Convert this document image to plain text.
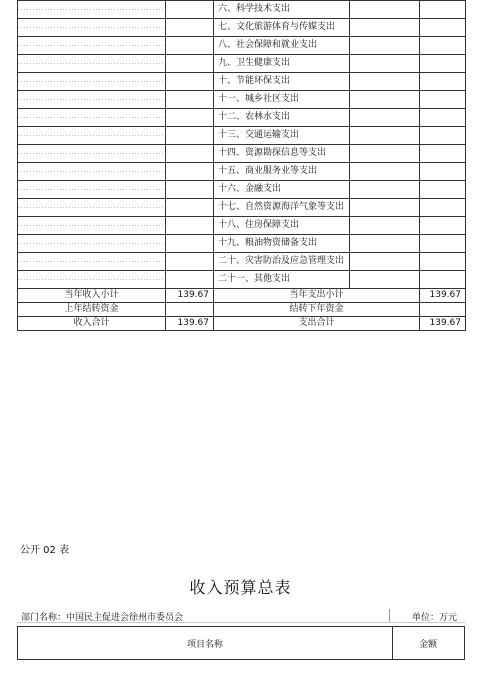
		六、科学技术支出		
		七、文化旅游体育与传媒支出		
		八、社会保障和就业支出		
		九、卫生健康支出		
		十、节能环保支出		
		十一、城乡社区支出		
		十二、农林水支出		
		十三、交通运输支出		
		十四、资源勘探信息等支出		
		十五、商业服务业等支出		
		十六、金融支出		
		十七、自然资源海洋气象等支出		
		十八、住房保障支出		
		十九、粮油物资储备支出		
		二十、灾害防治及应急管理支出		
		二十一、其他支出		
当年收入小计	139.67	当年支出小计		139.67
上年结转资金		结转下年资金		
收入合计	139.67	支出合计		139.67
公开 02 表
收入预算总表
部门名称：中国民主促进会徐州市委员会	单位：万元
项目名称	金额
